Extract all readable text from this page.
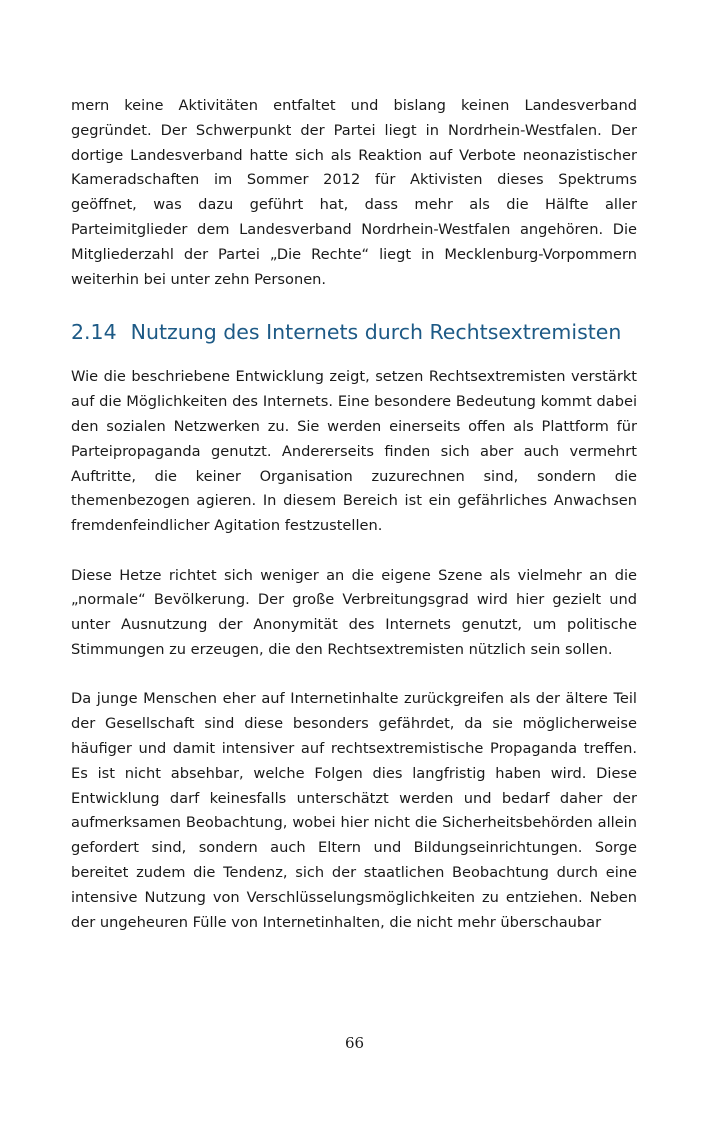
mern keine Aktivitäten entfaltet und bislang keinen Landesverband gegründet. Der Schwerpunkt der Partei liegt in Nordrhein-Westfalen. Der dortige Landesverband hatte sich als Reaktion auf Verbote neonazistischer Kameradschaften im Sommer 2012 für Aktivisten dieses Spektrums geöffnet, was dazu geführt hat, dass mehr als die Hälfte aller Parteimitglieder dem Landesverband Nordrhein-Westfalen angehören. Die Mitgliederzahl der Partei „Die Rechte“ liegt in Mecklenburg-Vorpommern weiterhin bei unter zehn Personen.

2.14 Nutzung des Internets durch Rechtsextremisten

Wie die beschriebene Entwicklung zeigt, setzen Rechtsextremisten verstärkt auf die Möglichkeiten des Internets. Eine besondere Bedeutung kommt dabei den sozialen Netzwerken zu. Sie werden einerseits offen als Plattform für Parteipropaganda genutzt. Andererseits finden sich aber auch vermehrt Auftritte, die keiner Organisation zuzurechnen sind, sondern die themenbezogen agieren. In diesem Bereich ist ein gefährliches Anwachsen fremdenfeindlicher Agitation festzustellen.

Diese Hetze richtet sich weniger an die eigene Szene als vielmehr an die „normale“ Bevölkerung. Der große Verbreitungsgrad wird hier gezielt und unter Ausnutzung der Anonymität des Internets genutzt, um politische Stimmungen zu erzeugen, die den Rechtsextremisten nützlich sein sollen.

Da junge Menschen eher auf Internetinhalte zurückgreifen als der ältere Teil der Gesellschaft sind diese besonders gefährdet, da sie möglicherweise häufiger und damit intensiver auf rechtsextremistische Propaganda treffen. Es ist nicht absehbar, welche Folgen dies langfristig haben wird. Diese Entwicklung darf keinesfalls unterschätzt werden und bedarf daher der aufmerksamen Beobachtung, wobei hier nicht die Sicherheitsbehörden allein gefordert sind, sondern auch Eltern und Bildungseinrichtungen. Sorge bereitet zudem die Tendenz, sich der staatlichen Beobachtung durch eine intensive Nutzung von Verschlüsselungsmöglichkeiten zu entziehen. Neben der ungeheuren Fülle von Internetinhalten, die nicht mehr überschaubar

66
